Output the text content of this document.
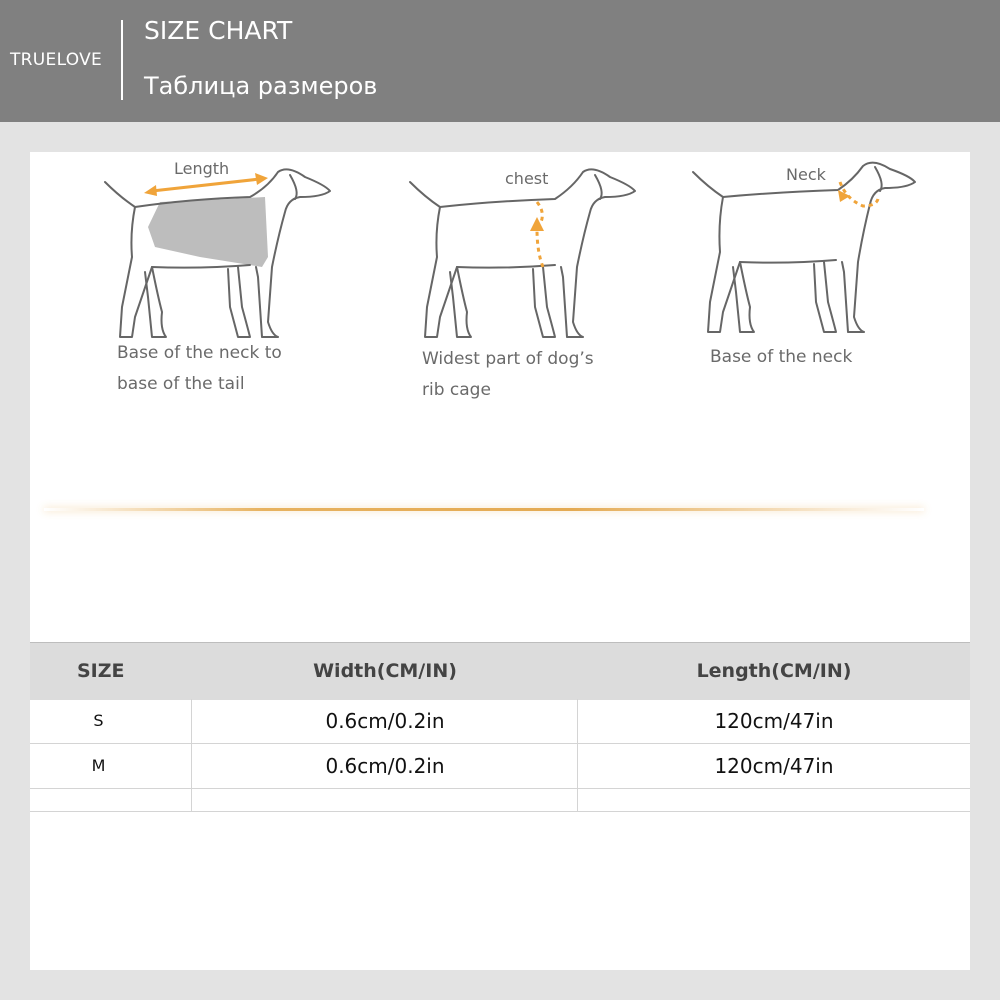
TRUELOVE
SIZE CHART
Таблица размеров
Length
Base of the neck to
base of the tail
chest
Widest part of dog’s
rib cage
Neck
Base of the neck
SIZE	Width(CM/IN)	Length(CM/IN)
S	0.6cm/0.2in	120cm/47in
M	0.6cm/0.2in	120cm/47in
